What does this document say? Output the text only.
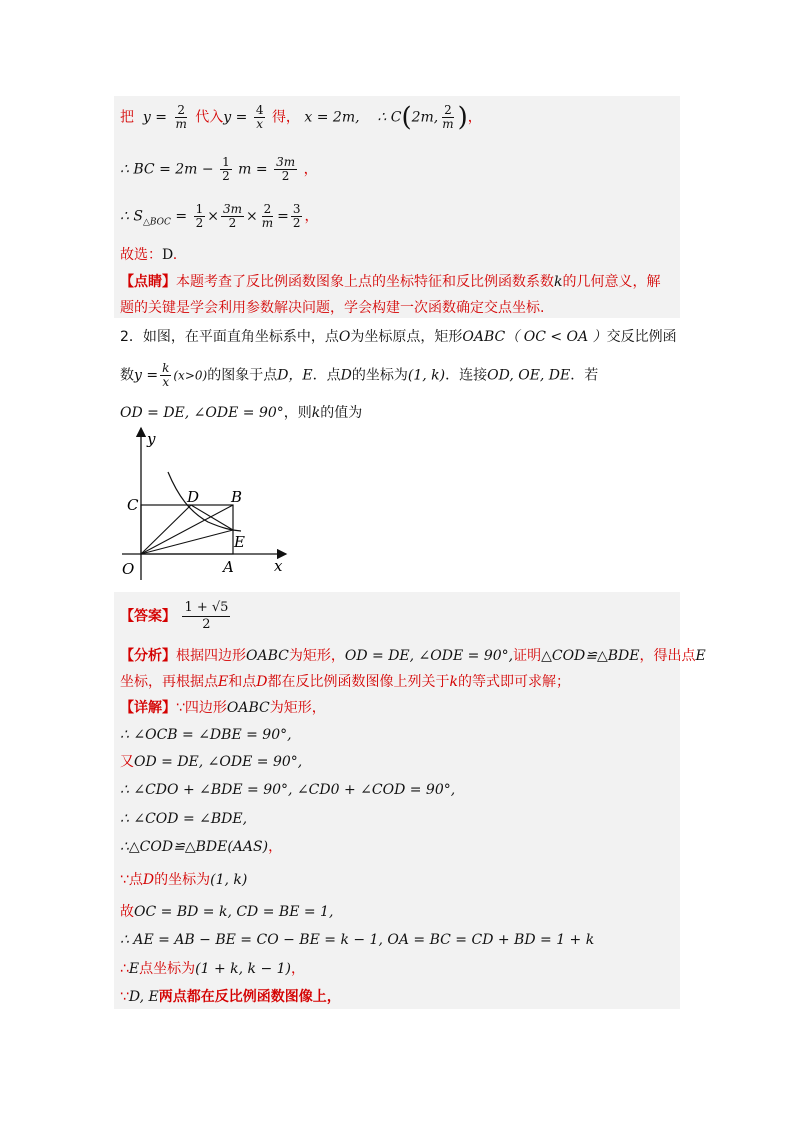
把 $y = \frac{2}{m}$ 代入$y = \frac{4}{x}$ 得， x = 2m, ∴ C(2m, $\frac{2}{m}$ )，
∴ BC = $2m - \frac{1}{2}$ $m = \frac{3m}{2}$ ，
∴ $S_{\triangle BOC} = \frac{1}{2} \times \frac{3m}{2} \times \frac{2}{m} = \frac{3}{2}$ ，
故选：D.
【点睛】本题考查了反比例函数图象上点的坐标特征和反比例函数系数k的几何意义，解
题的关键是学会利用参数解决问题，学会构建一次函数确定交点坐标.
2．如图，在平面直角坐标系中，点O为坐标原点，矩形OABC（ OC < OA ）交反比例函
数$y = \frac{k}{x} (x>0)$的图象于点D，E．点D的坐标为(1, k)．连接OD, OE, DE．若
OD = DE, ∠ODE = 90°，则k的值为
y
x
O
C	D B
E
A
【答案】 $\frac{1 + √5}{2}$
【分析】根据四边形OABC为矩形，OD = DE, ∠ODE = 90°,证明△COD≌△BDE，得出点E
坐标，再根据点E和点D都在反比例函数图像上列关于k的等式即可求解；
【详解】∵四边形OABC为矩形，
∴ ∠OCB = ∠DBE = 90°,
又OD = DE, ∠ODE = 90°,
∴ ∠CDO + ∠BDE = 90°, ∠CD0 + ∠COD = 90°,
∴ ∠COD = ∠BDE,
∴△COD≌△BDE(AAS)，
∵点D的坐标为(1, k)
故OC = BD = k, CD = BE = 1,
∴ AE = AB − BE = CO − BE = k − 1, OA = BC = CD + BD = 1 + k
∴E点坐标为(1 + k, k − 1)，
∵D, E两点都在反比例函数图像上，
